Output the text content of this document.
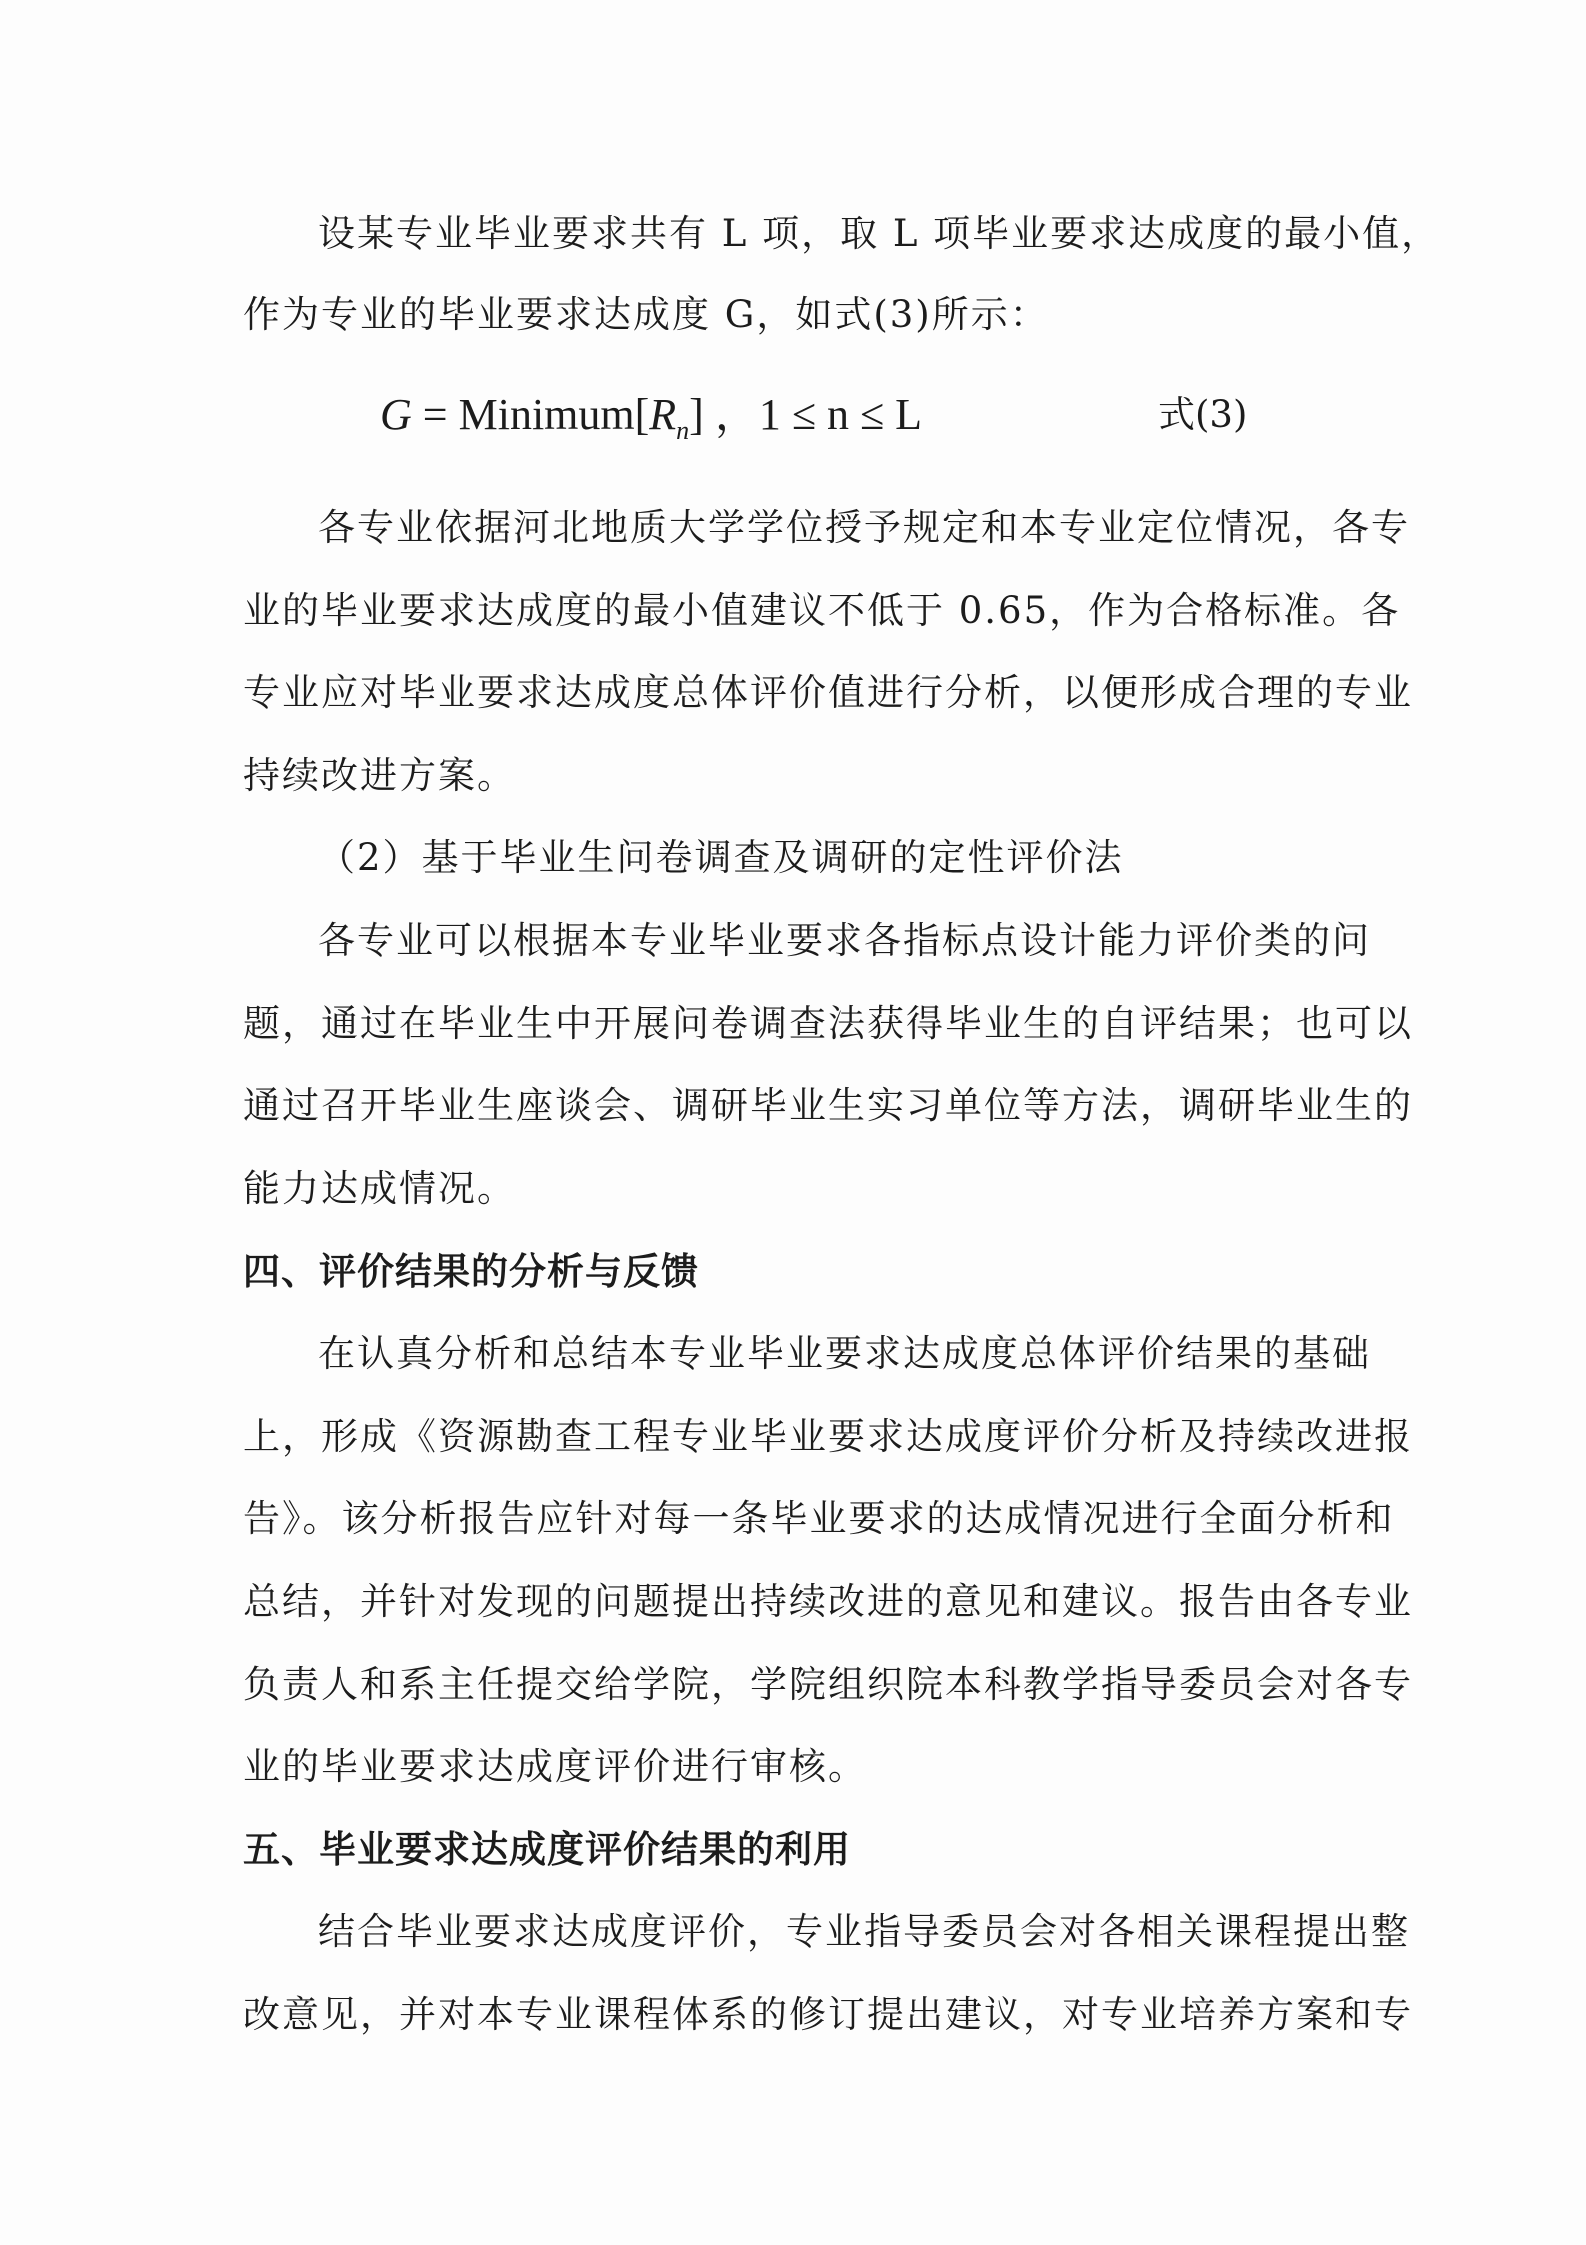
设某专业毕业要求共有 L 项，取 L 项毕业要求达成度的最小值，
作为专业的毕业要求达成度 G，如式(3)所示：
$G = Minimum[R_n]$ ，1 ≤ n ≤ L	式(3)
各专业依据河北地质大学学位授予规定和本专业定位情况，各专
业的毕业要求达成度的最小值建议不低于 0.65，作为合格标准。各
专业应对毕业要求达成度总体评价值进行分析，以便形成合理的专业
持续改进方案。
（2）基于毕业生问卷调查及调研的定性评价法
各专业可以根据本专业毕业要求各指标点设计能力评价类的问
题，通过在毕业生中开展问卷调查法获得毕业生的自评结果；也可以
通过召开毕业生座谈会、调研毕业生实习单位等方法，调研毕业生的
能力达成情况。
四、评价结果的分析与反馈
在认真分析和总结本专业毕业要求达成度总体评价结果的基础
上，形成《资源勘查工程专业毕业要求达成度评价分析及持续改进报
告》。该分析报告应针对每一条毕业要求的达成情况进行全面分析和
总结，并针对发现的问题提出持续改进的意见和建议。报告由各专业
负责人和系主任提交给学院，学院组织院本科教学指导委员会对各专
业的毕业要求达成度评价进行审核。
五、毕业要求达成度评价结果的利用
结合毕业要求达成度评价，专业指导委员会对各相关课程提出整
改意见，并对本专业课程体系的修订提出建议，对专业培养方案和专
